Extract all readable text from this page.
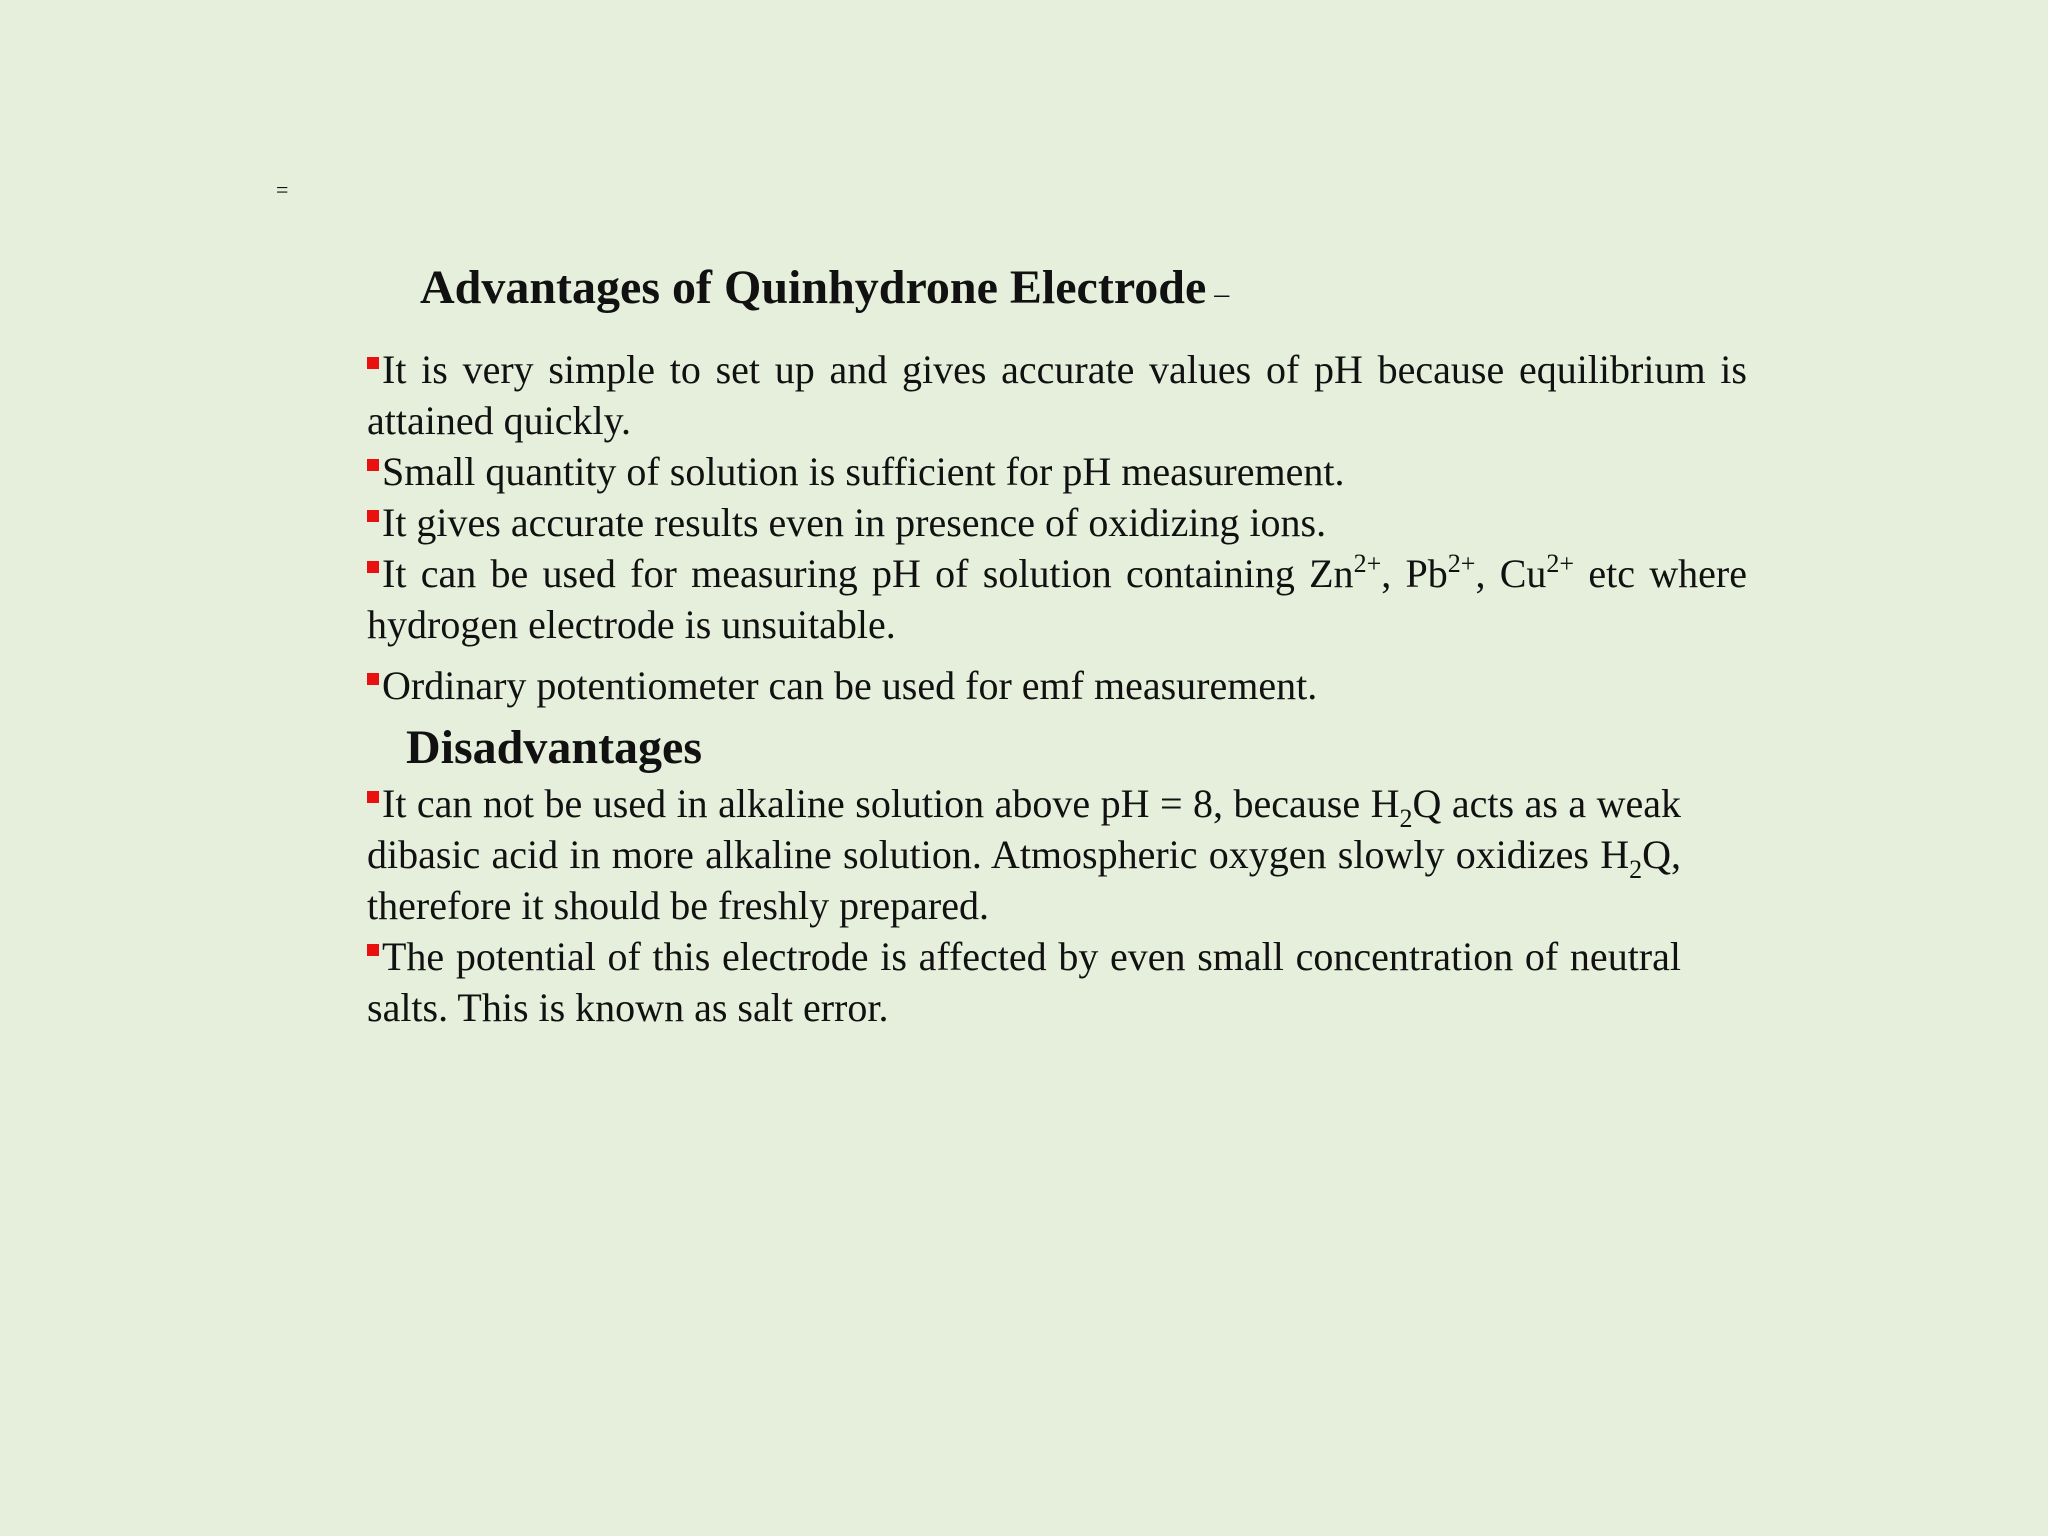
=
Advantages of Quinhydrone Electrode –

It is very simple to set up and gives accurate values of pH because equilibrium is attained quickly.

Small quantity of solution is sufficient for pH measurement.

It gives accurate results even in presence of oxidizing ions.

It can be used for measuring pH of solution containing $Zn^{2+}$, $Pb^{2+}$, $Cu^{2+}$ etc where hydrogen electrode is unsuitable.

Ordinary potentiometer can be used for emf measurement.

Disadvantages

It can not be used in alkaline solution above pH = 8, because $H_2Q$ acts as a weak dibasic acid in more alkaline solution. Atmospheric oxygen slowly oxidizes $H_2Q$, therefore it should be freshly prepared.

The potential of this electrode is affected by even small concentration of neutral salts. This is known as salt error.
